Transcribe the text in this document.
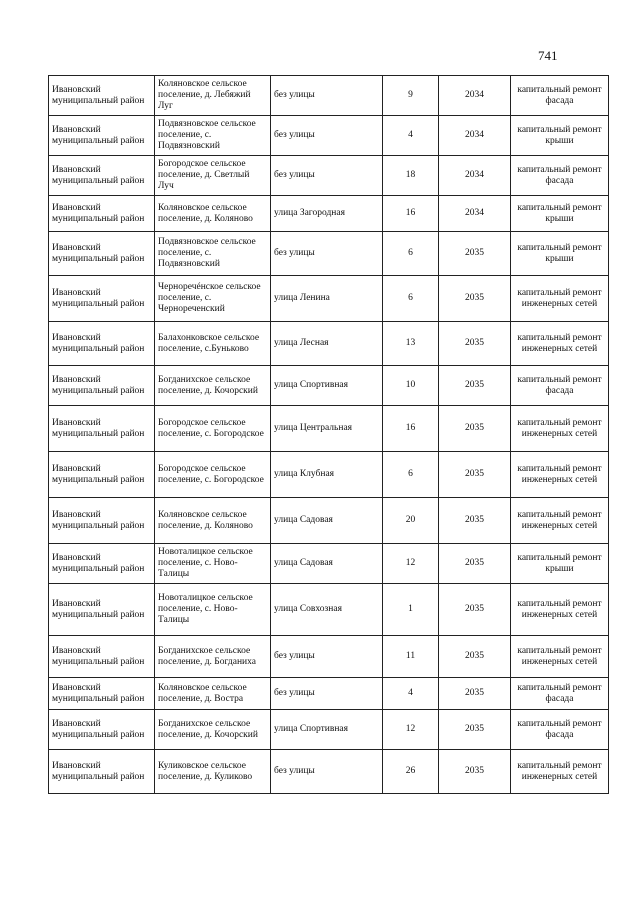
741
Ивановский муниципальный район	Коляновское сельское поселение, д. Лебяжий Луг	без улицы	9	2034	капитальный ремонт фасада
Ивановский муниципальный район	Подвязновское сельское поселение, с. Подвязновский	без улицы	4	2034	капитальный ремонт крыши
Ивановский муниципальный район	Богородское сельское поселение, д. Светлый Луч	без улицы	18	2034	капитальный ремонт фасада
Ивановский муниципальный район	Коляновское сельское поселение, д. Коляново	улица Загородная	16	2034	капитальный ремонт крыши
Ивановский муниципальный район	Подвязновское сельское поселение, с. Подвязновский	без улицы	6	2035	капитальный ремонт крыши
Ивановский муниципальный район	Черноречéнское сельское поселение, с. Чернореченский	улица Ленина	6	2035	капитальный ремонт инженерных сетей
Ивановский муниципальный район	Балахонковское сельское поселение, с.Буньково	улица Лесная	13	2035	капитальный ремонт инженерных сетей
Ивановский муниципальный район	Богданихское сельское поселение, д. Кочорский	улица Спортивная	10	2035	капитальный ремонт фасада
Ивановский муниципальный район	Богородское сельское поселение, с. Богородское	улица Центральная	16	2035	капитальный ремонт инженерных сетей
Ивановский муниципальный район	Богородское сельское поселение, с. Богородское	улица Клубная	6	2035	капитальный ремонт инженерных сетей
Ивановский муниципальный район	Коляновское сельское поселение, д. Коляново	улица Садовая	20	2035	капитальный ремонт инженерных сетей
Ивановский муниципальный район	Новоталицкое сельское поселение, с. Ново-Талицы	улица Садовая	12	2035	капитальный ремонт крыши
Ивановский муниципальный район	Новоталицкое сельское поселение, с. Ново-Талицы	улица Совхозная	1	2035	капитальный ремонт инженерных сетей
Ивановский муниципальный район	Богданихское сельское поселение, д. Богданиха	без улицы	11	2035	капитальный ремонт инженерных сетей
Ивановский муниципальный район	Коляновское сельское поселение, д. Востра	без улицы	4	2035	капитальный ремонт фасада
Ивановский муниципальный район	Богданихское сельское поселение, д. Кочорский	улица Спортивная	12	2035	капитальный ремонт фасада
Ивановский муниципальный район	Куликовское сельское поселение, д. Куликово	без улицы	26	2035	капитальный ремонт инженерных сетей
